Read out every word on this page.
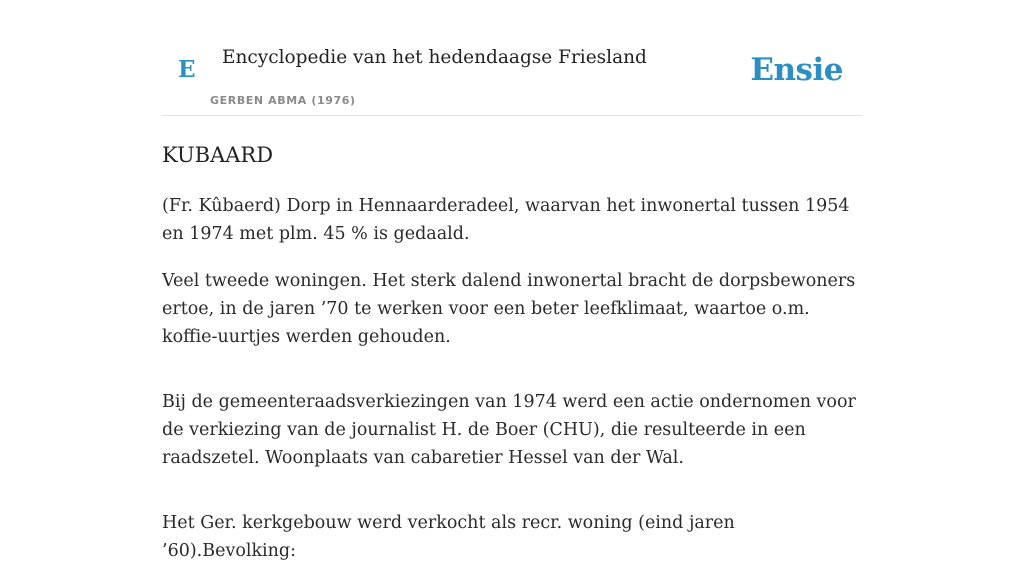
E Encyclopedie van het hedendaagse Friesland
GERBEN ABMA (1976)
Ensie
KUBAARD

(Fr. Kûbaerd) Dorp in Hennaarderadeel, waarvan het inwonertal tussen 1954 en 1974 met plm. 45 % is gedaald.

Veel tweede woningen. Het sterk dalend inwonertal bracht de dorpsbewoners ertoe, in de jaren ’70 te werken voor een beter leefklimaat, waartoe o.m. koffie-uurtjes werden gehouden.

Bij de gemeenteraadsverkiezingen van 1974 werd een actie ondernomen voor de verkiezing van de journalist H. de Boer (CHU), die resulteerde in een raadszetel. Woonplaats van cabaretier Hessel van der Wal.

Het Ger. kerkgebouw werd verkocht als recr. woning (eind jaren ’60).Bevolking:
